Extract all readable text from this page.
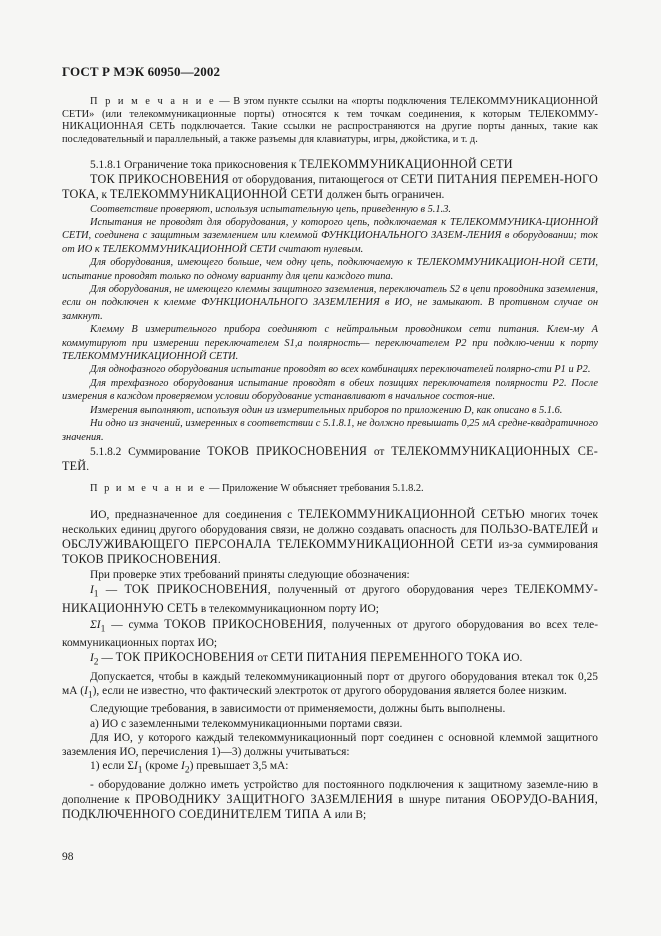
ГОСТ Р МЭК 60950—2002

П р и м е ч а н и е — В этом пункте ссылки на «порты подключения ТЕЛЕКОММУНИКАЦИОННОЙ СЕТИ» (или телекоммуникационные порты) относятся к тем точкам соединения, к которым ТЕЛЕКОММУ-НИКАЦИОННАЯ СЕТЬ подключается. Такие ссылки не распространяются на другие порты данных, такие как последовательный и параллельный, а также разъемы для клавиатуры, игры, джойстика, и т. д.

5.1.8.1 Ограничение тока прикосновения к ТЕЛЕКОММУНИКАЦИОННОЙ СЕТИ

ТОК ПРИКОСНОВЕНИЯ от оборудования, питающегося от СЕТИ ПИТАНИЯ ПЕРЕМЕН-НОГО ТОКА, к ТЕЛЕКОММУНИКАЦИОННОЙ СЕТИ должен быть ограничен.

Соответствие проверяют, используя испытательную цепь, приведенную в 5.1.3.

Испытания не проводят для оборудования, у которого цепь, подключаемая к ТЕЛЕКОММУНИКА-ЦИОННОЙ СЕТИ, соединена с защитным заземлением или клеммой ФУНКЦИОНАЛЬНОГО ЗАЗЕМ-ЛЕНИЯ в оборудовании; ток от ИО к ТЕЛЕКОММУНИКАЦИОННОЙ СЕТИ считают нулевым.

Для оборудования, имеющего больше, чем одну цепь, подключаемую к ТЕЛЕКОММУНИКАЦИОН-НОЙ СЕТИ, испытание проводят только по одному варианту для цепи каждого типа.

Для оборудования, не имеющего клеммы защитного заземления, переключатель S2 в цепи проводника заземления, если он подключен к клемме ФУНКЦИОНАЛЬНОГО ЗАЗЕМЛЕНИЯ в ИО, не замыкают. В противном случае он замкнут.

Клемму В измерительного прибора соединяют с нейтральным проводником сети питания. Клем-му А коммутируют при измерении переключателем S1,а полярность— переключателем Р2 при подклю-чении к порту ТЕЛЕКОММУНИКАЦИОННОЙ СЕТИ.

Для однофазного оборудования испытание проводят во всех комбинациях переключателей полярно-сти Р1 и Р2.

Для трехфазного оборудования испытание проводят в обеих позициях переключателя полярности Р2. После измерения в каждом проверяемом условии оборудование устанавливают в начальное состоя-ние.

Измерения выполняют, используя один из измерительных приборов по приложению D, как описано в 5.1.6.

Ни одно из значений, измеренных в соответствии с 5.1.8.1, не должно превышать 0,25 мА средне-квадратичного значения.

5.1.8.2 Суммирование ТОКОВ ПРИКОСНОВЕНИЯ от ТЕЛЕКОММУНИКАЦИОННЫХ СЕ-ТЕЙ.

П р и м е ч а н и е — Приложение W объясняет требования 5.1.8.2.

ИО, предназначенное для соединения с ТЕЛЕКОММУНИКАЦИОННОЙ СЕТЬЮ многих точек нескольких единиц другого оборудования связи, не должно создавать опасность для ПОЛЬЗО-ВАТЕЛЕЙ и ОБСЛУЖИВАЮЩЕГО ПЕРСОНАЛА ТЕЛЕКОММУНИКАЦИОННОЙ СЕТИ из-за суммирования ТОКОВ ПРИКОСНОВЕНИЯ.

При проверке этих требований приняты следующие обозначения:

$I_1$ — ТОК ПРИКОСНОВЕНИЯ, полученный от другого оборудования через ТЕЛЕКОММУ-НИКАЦИОННУЮ СЕТЬ в телекоммуникационном порту ИО;

$\Sigma I_1$ — сумма ТОКОВ ПРИКОСНОВЕНИЯ, полученных от другого оборудования во всех теле-коммуникационных портах ИО;

$I_2$ — ТОК ПРИКОСНОВЕНИЯ от СЕТИ ПИТАНИЯ ПЕРЕМЕННОГО ТОКА ИО.

Допускается, чтобы в каждый телекоммуникационный порт от другого оборудования втекал ток 0,25 мА $(I_1)$, если не известно, что фактический электроток от другого оборудования является более низким.

Следующие требования, в зависимости от применяемости, должны быть выполнены.

а) ИО с заземленными телекоммуникационными портами связи.

Для ИО, у которого каждый телекоммуникационный порт соединен с основной клеммой защитного заземления ИО, перечисления 1)—3) должны учитываться:

1) если $\Sigma I_1$ (кроме $I_2$) превышает 3,5 мА:

- оборудование должно иметь устройство для постоянного подключения к защитному заземле-нию в дополнение к ПРОВОДНИКУ ЗАЩИТНОГО ЗАЗЕМЛЕНИЯ в шнуре питания ОБОРУДО-ВАНИЯ, ПОДКЛЮЧЕННОГО СОЕДИНИТЕЛЕМ ТИПА А или В;

98
